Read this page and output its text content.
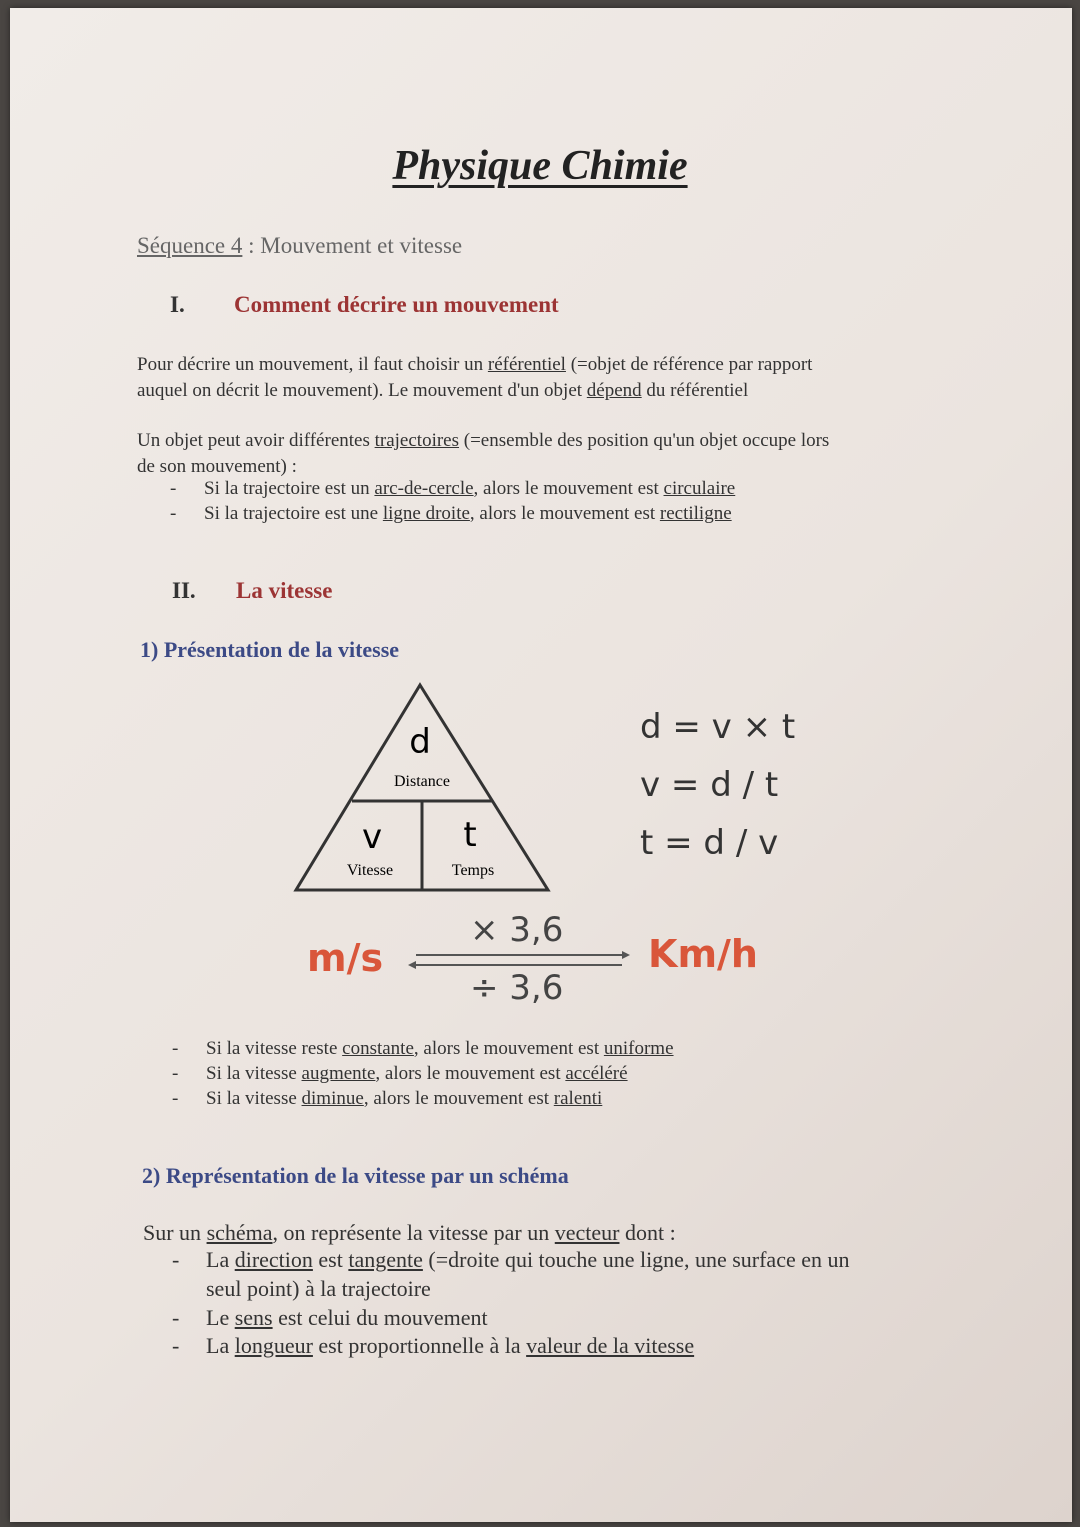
Physique Chimie
Séquence 4 : Mouvement et vitesse
I. Comment décrire un mouvement
Pour décrire un mouvement, il faut choisir un référentiel (=objet de référence par rapport
auquel on décrit le mouvement). Le mouvement d'un objet dépend du référentiel
Un objet peut avoir différentes trajectoires (=ensemble des position qu'un objet occupe lors
de son mouvement) :
- Si la trajectoire est un arc-de-cercle, alors le mouvement est circulaire
- Si la trajectoire est une ligne droite, alors le mouvement est rectiligne
II. La vitesse
1) Présentation de la vitesse
d
Distance
v
Vitesse
t
Temps
d = v × t
v = d / t
t = d / v
m/s	Km/h
× 3,6
÷ 3,6
- Si la vitesse reste constante, alors le mouvement est uniforme
- Si la vitesse augmente, alors le mouvement est accéléré
- Si la vitesse diminue, alors le mouvement est ralenti
2) Représentation de la vitesse par un schéma
Sur un schéma, on représente la vitesse par un vecteur dont :
- La direction est tangente (=droite qui touche une ligne, une surface en un
seul point) à la trajectoire
- Le sens est celui du mouvement
- La longueur est proportionnelle à la valeur de la vitesse
